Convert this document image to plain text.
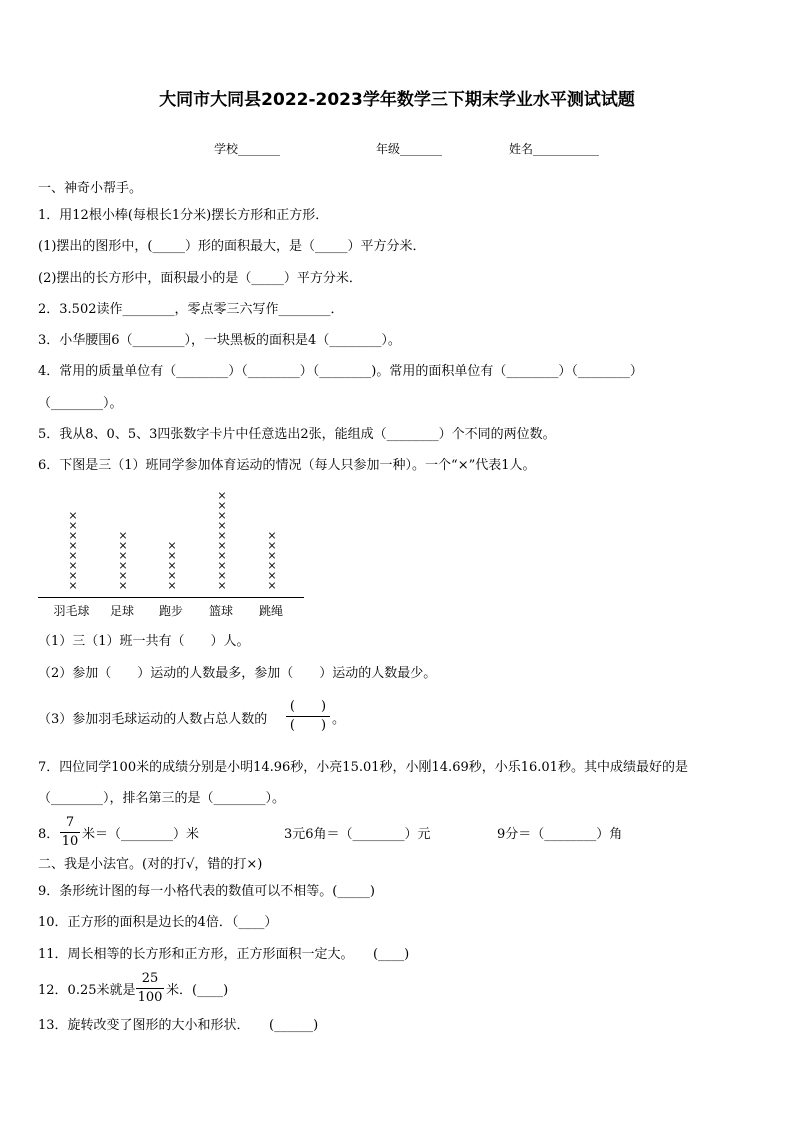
大同市大同县2022-2023学年数学三下期末学业水平测试试题
学校_______	年级_______	姓名___________
一、神奇小帮手。
1．用12根小棒(每根长1分米)摆长方形和正方形．
(1)摆出的图形中，(_____）形的面积最大，是（_____）平方分米．
(2)摆出的长方形中，面积最小的是（_____）平方分米．
2．3.502读作________，零点零三六写作________．
3．小华腰围6（________），一块黑板的面积是4（________）。
4．常用的质量单位有（________）（________）（________)。常用的面积单位有（________）（________）
（________）。
5．我从8、0、5、3四张数字卡片中任意选出2张，能组成（________）个不同的两位数。
6．下图是三（1）班同学参加体育运动的情况（每人只参加一种）。一个“×”代表1人。
×
×
×
×
×
×
×
×
×
×
×
×
×
×
×
×
×
×
×
×
×
×
×
×
×
×
×
×
×
×
×
×
×
×
×
（1）三（1）班一共有（　　）人。
（2）参加（　　）运动的人数最多，参加（　　）运动的人数最少。
（3）参加羽毛球运动的人数占总人数的
(　　)
(　　) 。
7．四位同学100米的成绩分别是小明14.96秒，小亮15.01秒，小刚14.69秒，小乐16.01秒。其中成绩最好的是
（________），排名第三的是（________）。
8．
7
10 米＝（________）米	3元6角＝（________）元	9分＝（________）角
二、我是小法官。(对的打√，错的打×)
9．条形统计图的每一小格代表的数值可以不相等。(_____)
10．正方形的面积是边长的4倍．（____）
11．周长相等的长方形和正方形，正方形面积一定大。　　(____)
12．0.25米就是
25
100 米．(____)
13．旋转改变了图形的大小和形状．　　(______)
羽毛球 足球 跑步 篮球 跳绳
